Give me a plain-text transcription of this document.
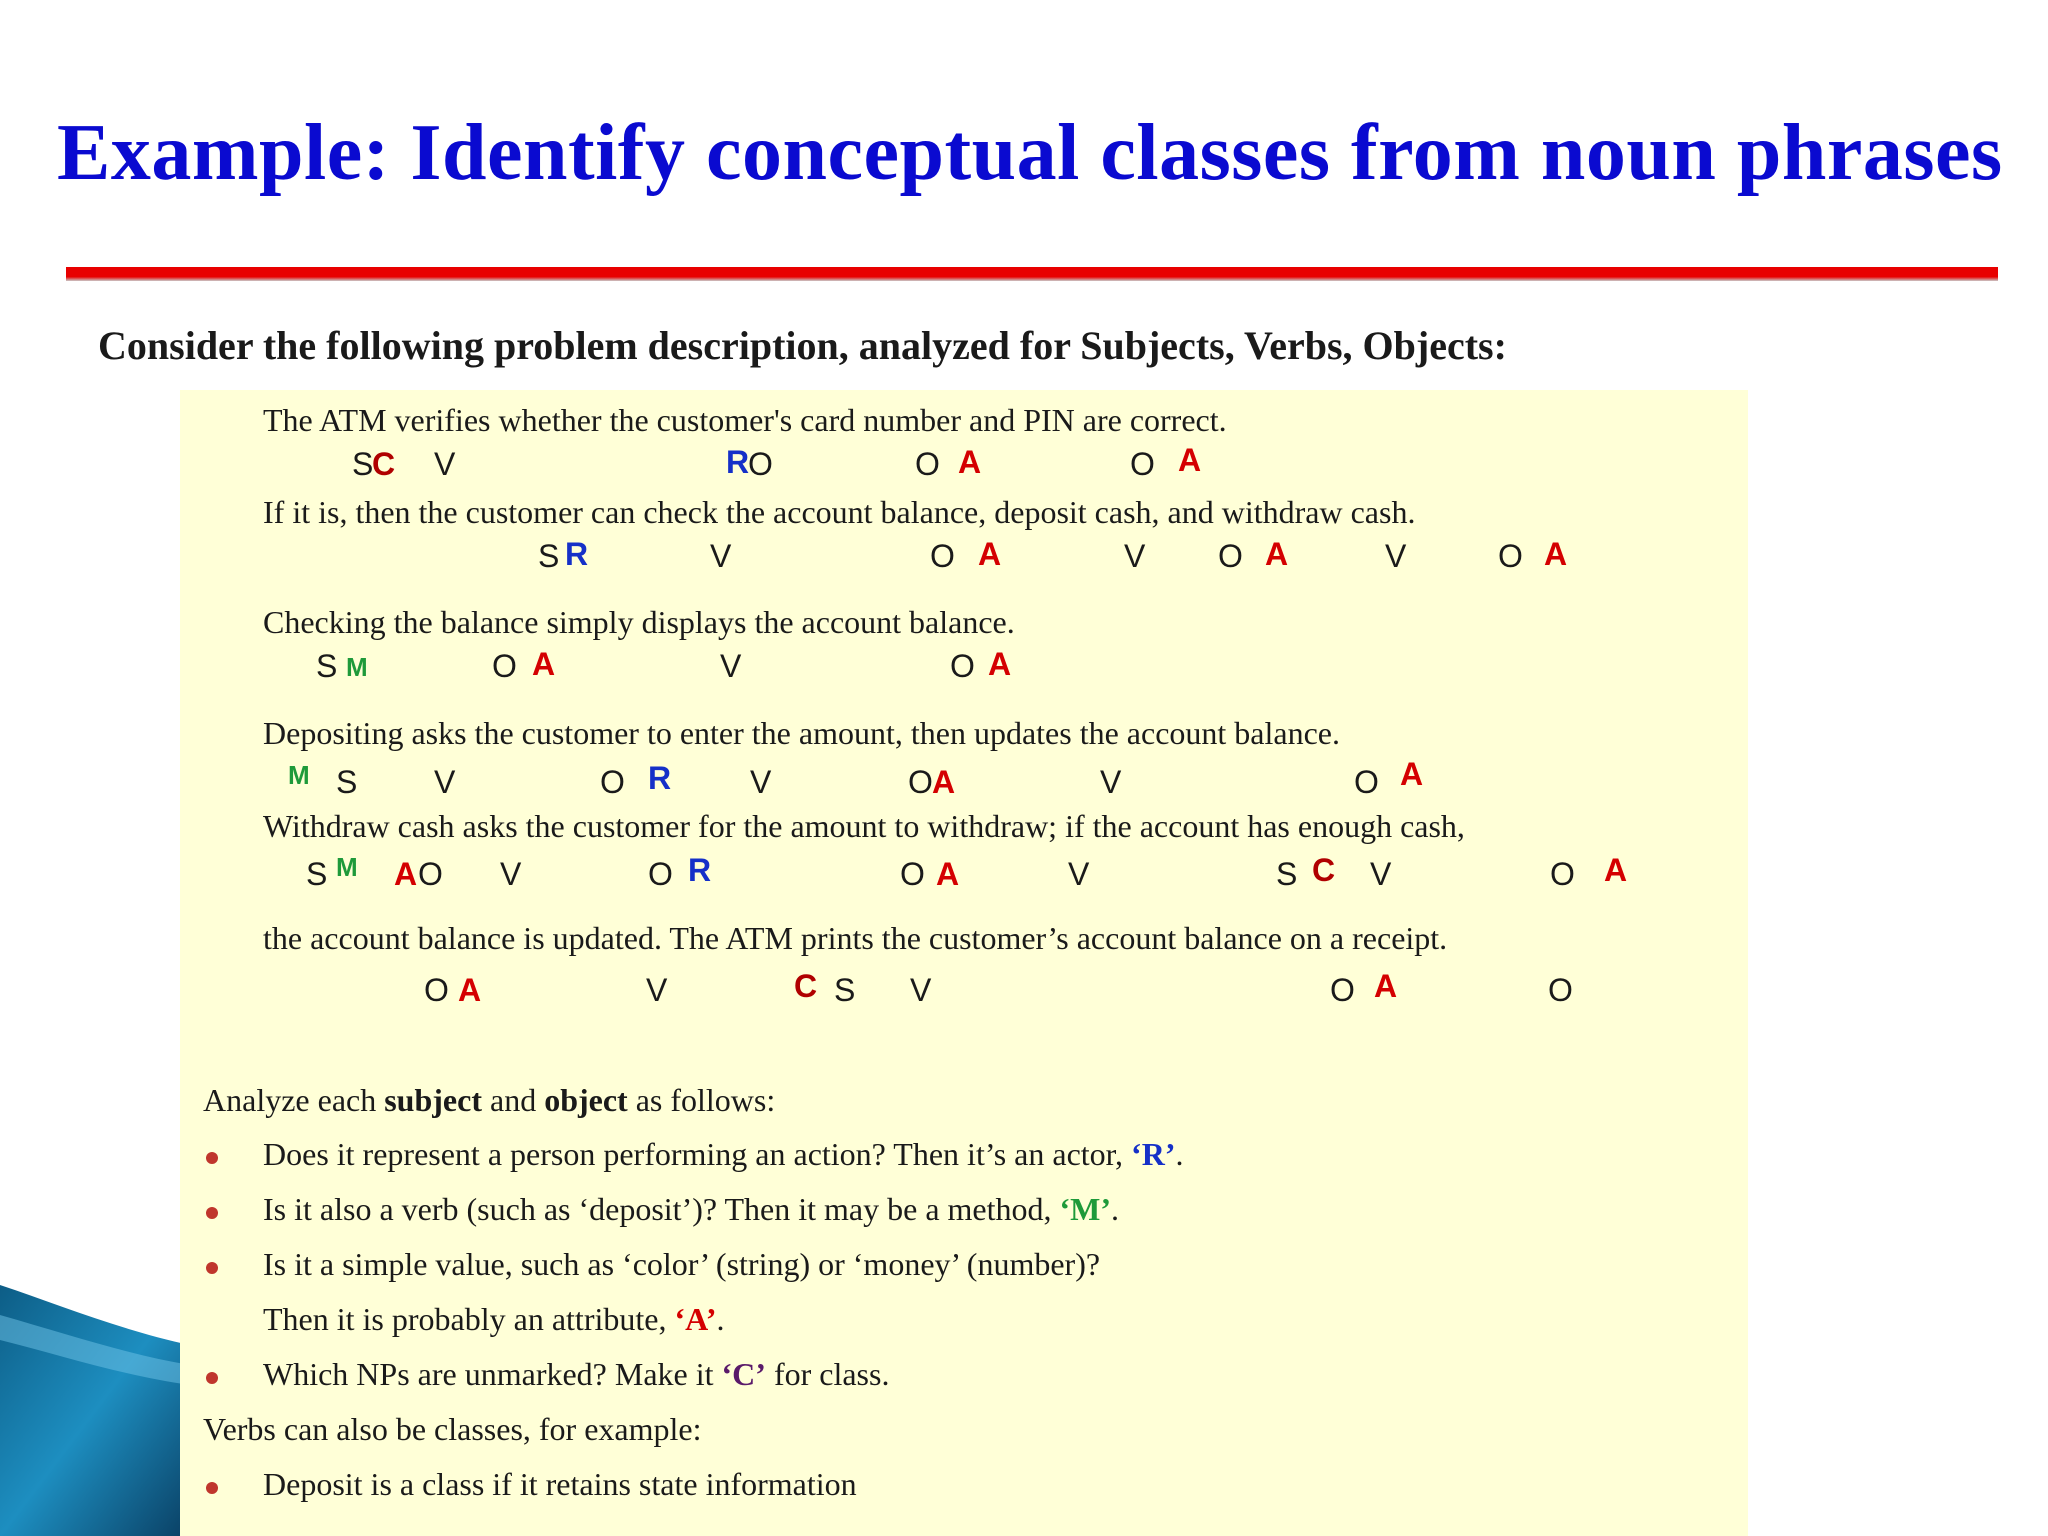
Example: Identify conceptual classes from noun phrases
Consider the following problem description, analyzed for Subjects, Verbs, Objects:
The ATM verifies whether the customer's card number and PIN are correct.
If it is, then the customer can check the account balance, deposit cash, and withdraw cash.
Checking the balance simply displays the account balance.
Depositing asks the customer to enter the amount, then updates the account balance.
Withdraw cash asks the customer for the amount to withdraw; if the account has enough cash,
the account balance is updated. The ATM prints the customer’s account balance on a receipt.
S
C V	R
O	O A	O A
S R	V	O A	V O A	V	O A
S M	O A	V	O A
M S V	O R V	O A	V	O A
S M A O V	O R	O A	V	S C V	O A
O A	V	C S V	O A	O
Analyze each subject and object as follows:
Does it represent a person performing an action? Then it’s an actor, ‘R’.
Is it also a verb (such as ‘deposit’)? Then it may be a method, ‘M’.
Is it a simple value, such as ‘color’ (string) or ‘money’ (number)?
Then it is probably an attribute, ‘A’.
Which NPs are unmarked? Make it ‘C’ for class.
Verbs can also be classes, for example:
Deposit is a class if it retains state information
